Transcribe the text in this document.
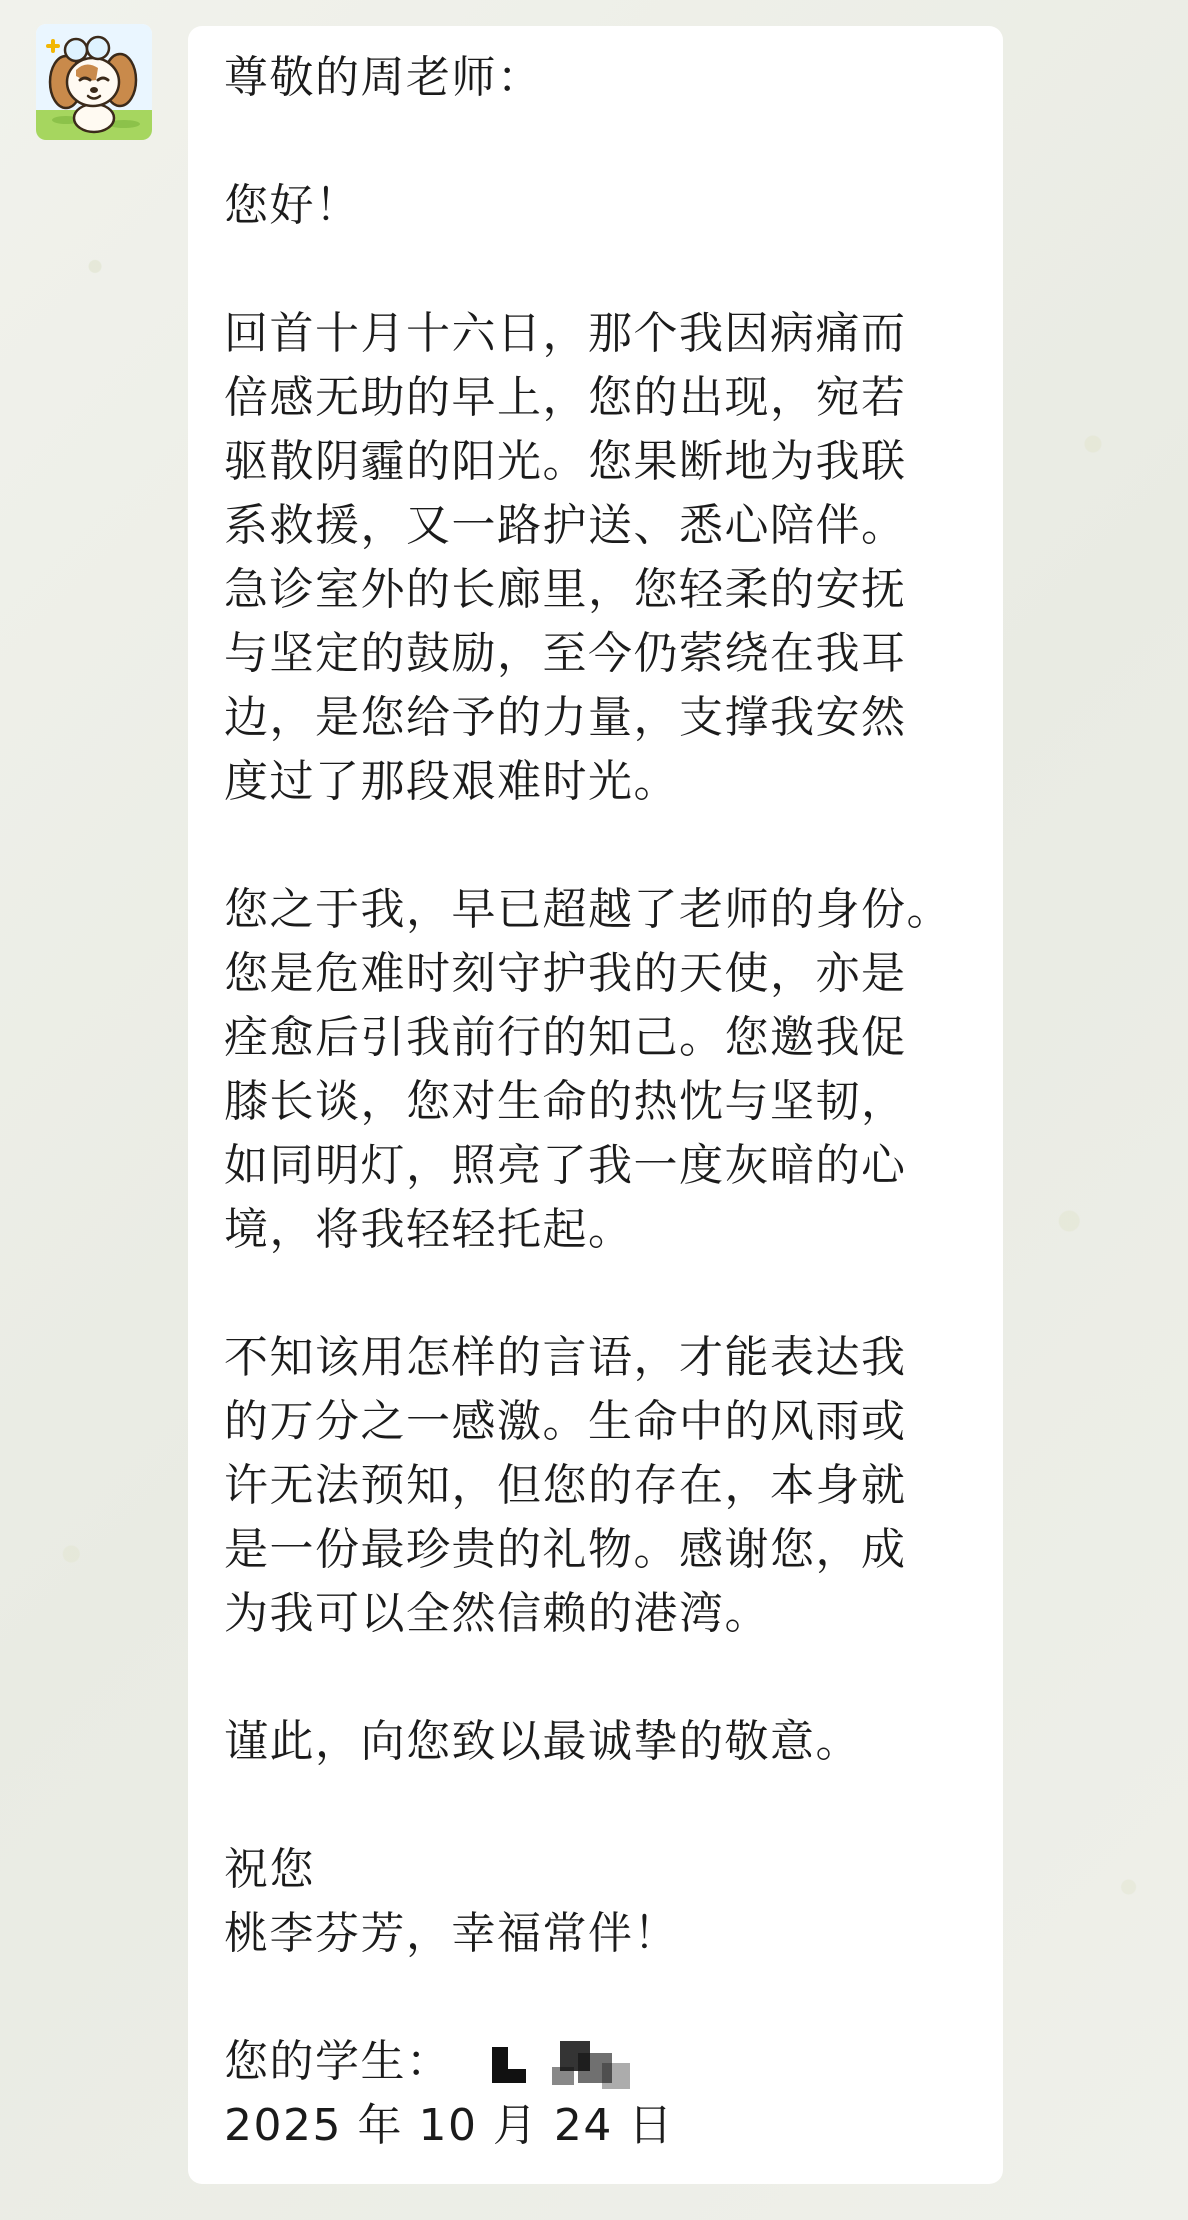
尊敬的周老师：
您好！
回首十月十六日，那个我因病痛而
倍感无助的早上，您的出现，宛若
驱散阴霾的阳光。您果断地为我联
系救援，又一路护送、悉心陪伴。
急诊室外的长廊里，您轻柔的安抚
与坚定的鼓励，至今仍萦绕在我耳
边，是您给予的力量，支撑我安然
度过了那段艰难时光。
您之于我，早已超越了老师的身份。
您是危难时刻守护我的天使，亦是
痊愈后引我前行的知己。您邀我促
膝长谈，您对生命的热忱与坚韧，
如同明灯，照亮了我一度灰暗的心
境，将我轻轻托起。
不知该用怎样的言语，才能表达我
的万分之一感激。生命中的风雨或
许无法预知，但您的存在，本身就
是一份最珍贵的礼物。感谢您，成
为我可以全然信赖的港湾。
谨此，向您致以最诚挚的敬意。
祝您
桃李芬芳，幸福常伴！
您的学生：
2025 年 10 月 24 日
